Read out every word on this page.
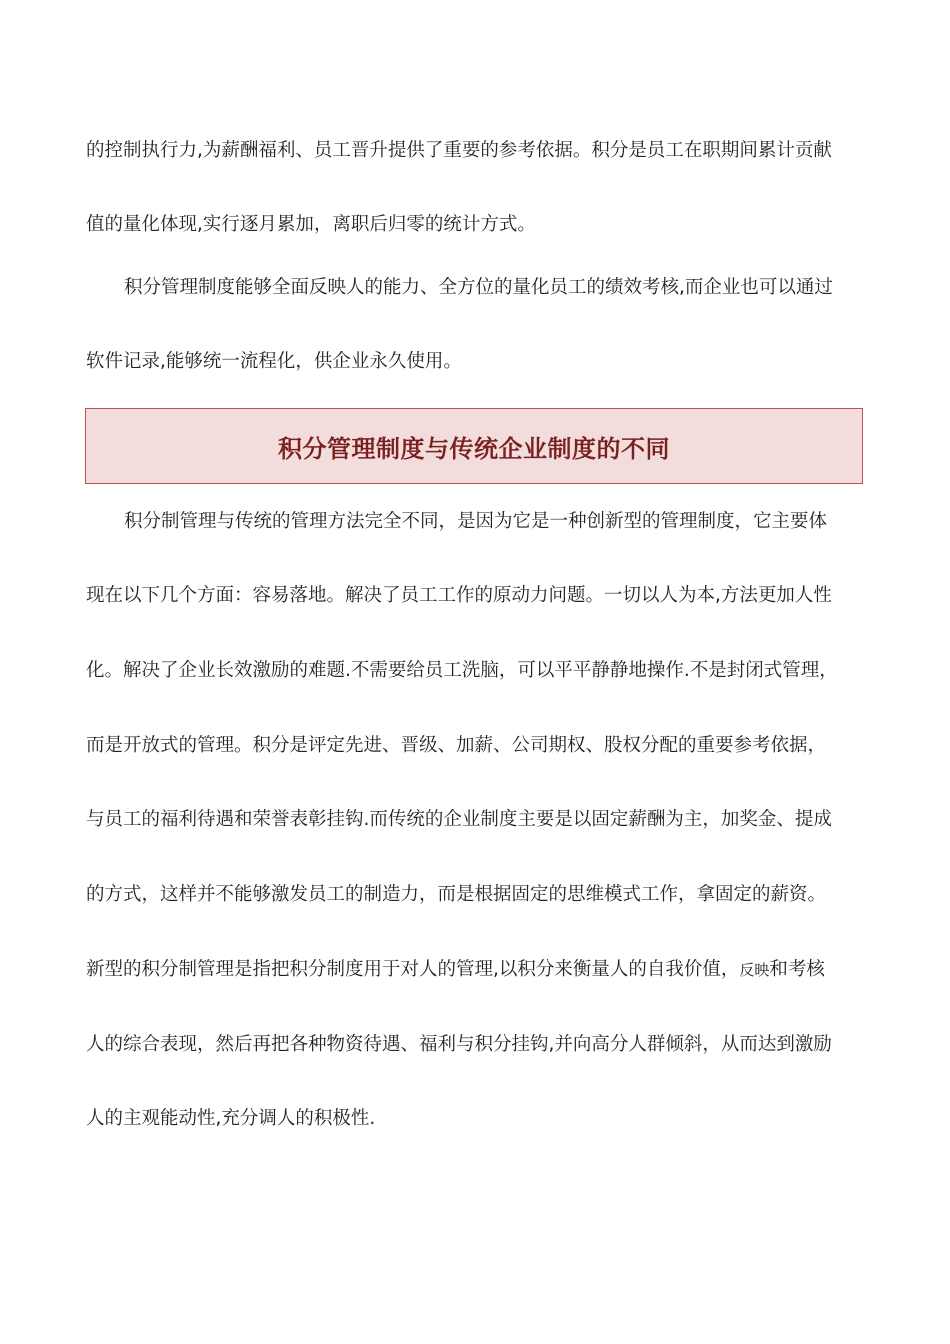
的控制执行力,为薪酬福利、员工晋升提供了重要的参考依据。积分是员工在职期间累计贡献
值的量化体现,实行逐月累加，离职后归零的统计方式。
积分管理制度能够全面反映人的能力、全方位的量化员工的绩效考核,而企业也可以通过
软件记录,能够统一流程化，供企业永久使用。
积分管理制度与传统企业制度的不同
积分制管理与传统的管理方法完全不同，是因为它是一种创新型的管理制度，它主要体
现在以下几个方面：容易落地。解决了员工工作的原动力问题。一切以人为本,方法更加人性
化。解决了企业长效激励的难题.不需要给员工洗脑，可以平平静静地操作.不是封闭式管理，
而是开放式的管理。积分是评定先进、晋级、加薪、公司期权、股权分配的重要参考依据，
与员工的福利待遇和荣誉表彰挂钩.而传统的企业制度主要是以固定薪酬为主，加奖金、提成
的方式，这样并不能够激发员工的制造力，而是根据固定的思维模式工作，拿固定的薪资。
新型的积分制管理是指把积分制度用于对人的管理,以积分来衡量人的自我价值，反映和考核
人的综合表现，然后再把各种物资待遇、福利与积分挂钩,并向高分人群倾斜，从而达到激励
人的主观能动性,充分调人的积极性.
